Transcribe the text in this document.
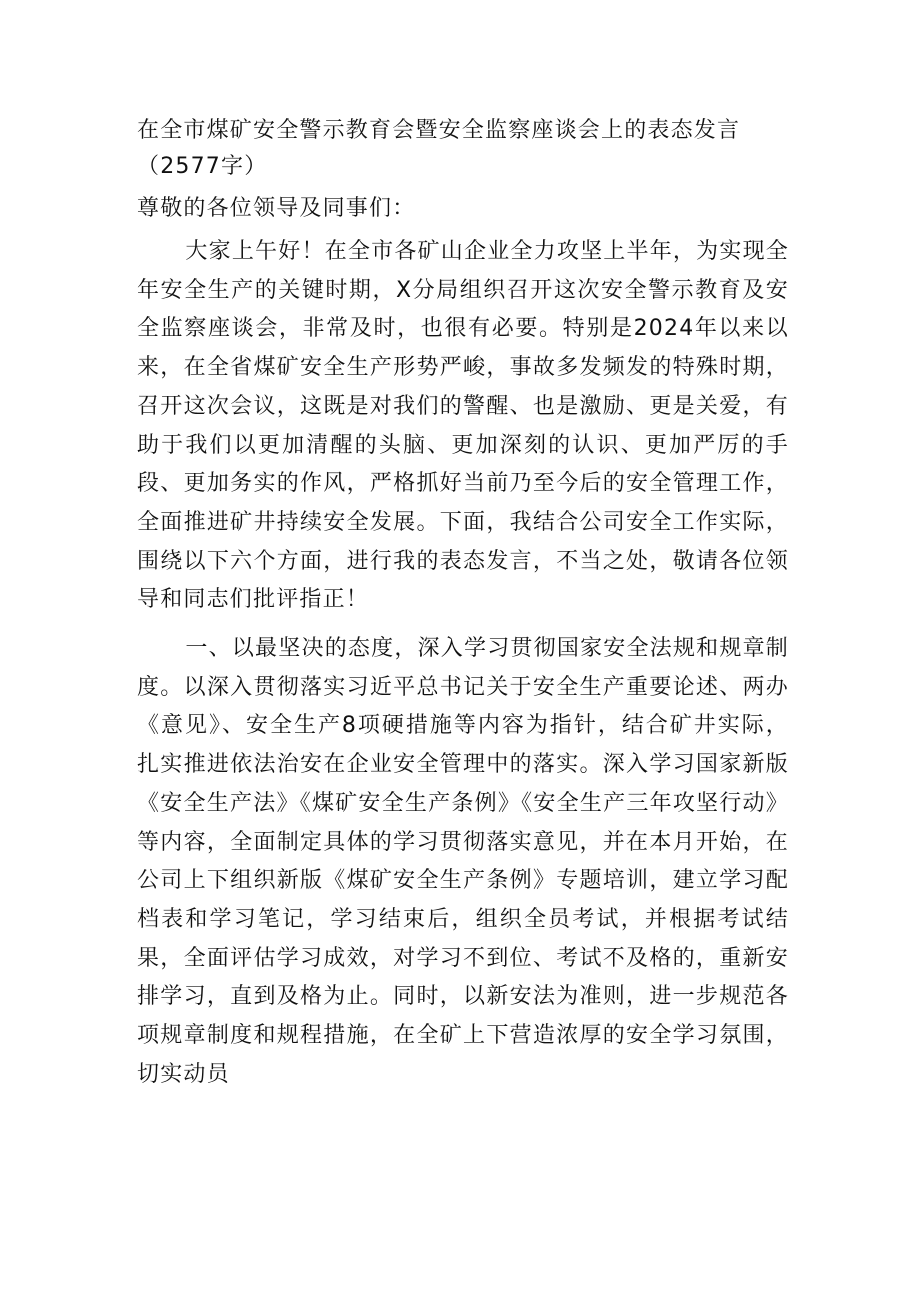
在全市煤矿安全警示教育会暨安全监察座谈会上的表态发言（2577字）

尊敬的各位领导及同事们：

大家上午好！在全市各矿山企业全力攻坚上半年，为实现全年安全生产的关键时期，X分局组织召开这次安全警示教育及安全监察座谈会，非常及时，也很有必要。特别是2024年以来以来，在全省煤矿安全生产形势严峻，事故多发频发的特殊时期，召开这次会议，这既是对我们的警醒、也是激励、更是关爱，有助于我们以更加清醒的头脑、更加深刻的认识、更加严厉的手段、更加务实的作风，严格抓好当前乃至今后的安全管理工作，全面推进矿井持续安全发展。下面，我结合公司安全工作实际，围绕以下六个方面，进行我的表态发言，不当之处，敬请各位领导和同志们批评指正！

一、以最坚决的态度，深入学习贯彻国家安全法规和规章制度。以深入贯彻落实习近平总书记关于安全生产重要论述、两办《意见》、安全生产8项硬措施等内容为指针，结合矿井实际，扎实推进依法治安在企业安全管理中的落实。深入学习国家新版《安全生产法》《煤矿安全生产条例》《安全生产三年攻坚行动》等内容，全面制定具体的学习贯彻落实意见，并在本月开始，在公司上下组织新版《煤矿安全生产条例》专题培训，建立学习配档表和学习笔记，学习结束后，组织全员考试，并根据考试结果，全面评估学习成效，对学习不到位、考试不及格的，重新安排学习，直到及格为止。同时，以新安法为准则，进一步规范各项规章制度和规程措施，在全矿上下营造浓厚的安全学习氛围，切实动员
